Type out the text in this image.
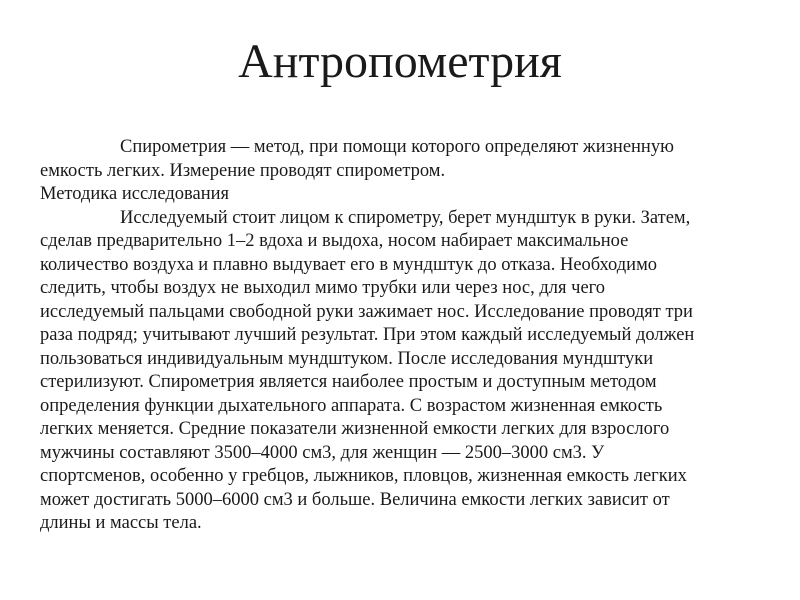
Антропометрия

Спирометрия — метод, при помощи которого определяют жизненную
емкость легких. Измерение проводят спирометром.

Методика исследования

Исследуемый стоит лицом к спирометру, берет мундштук в руки. Затем,
сделав предварительно 1–2 вдоха и выдоха, носом набирает максимальное
количество воздуха и плавно выдувает его в мундштук до отказа. Необходимо
следить, чтобы воздух не выходил мимо трубки или через нос, для чего
исследуемый пальцами свободной руки зажимает нос. Исследование проводят три
раза подряд; учитывают лучший результат. При этом каждый исследуемый должен
пользоваться индивидуальным мундштуком. После исследования мундштуки
стерилизуют. Спирометрия является наиболее простым и доступным методом
определения функции дыхательного аппарата. С возрастом жизненная емкость
легких меняется. Средние показатели жизненной емкости легких для взрослого
мужчины составляют 3500–4000 см3, для женщин — 2500–3000 см3. У
спортсменов, особенно у гребцов, лыжников, пловцов, жизненная емкость легких
может достигать 5000–6000 см3 и больше. Величина емкости легких зависит от
длины и массы тела.
